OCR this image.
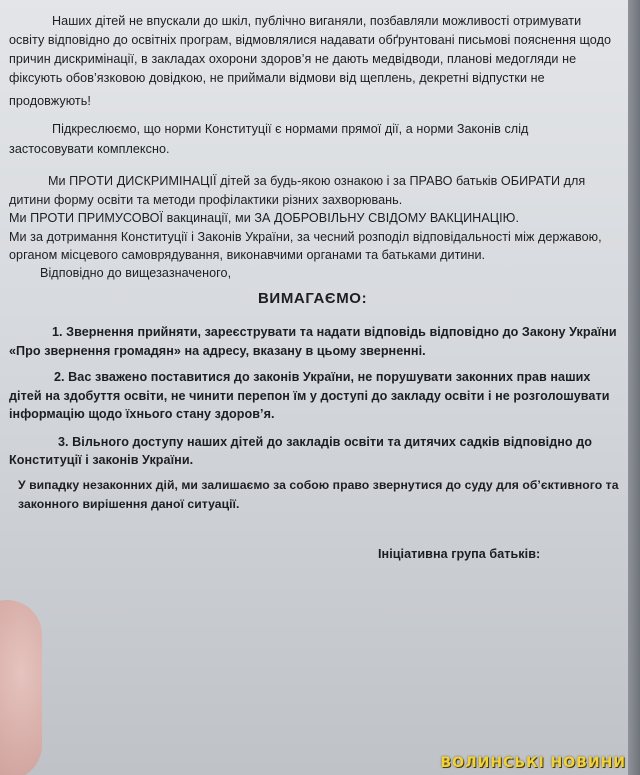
Наших дітей не впускали до шкіл, публічно виганяли, позбавляли можливості отримувати
освіту відповідно до освітніх програм, відмовлялися надавати обґрунтовані письмові пояснення щодо
причин дискримінації, в закладах охорони здоров’я не дають медвідводи, планові медогляди не
фіксують обов’язковою довідкою, не приймали відмови від щеплень, декретні відпустки не
продовжують!
Підкреслюємо, що норми Конституції є нормами прямої дії, а норми Законів слід
застосовувати комплексно.
Ми ПРОТИ ДИСКРИМІНАЦІЇ дітей за будь-якою ознакою і за ПРАВО батьків ОБИРАТИ для
дитини форму освіти та методи профілактики різних захворювань.
Ми ПРОТИ ПРИМУСОВОЇ вакцинації, ми ЗА ДОБРОВІЛЬНУ СВІДОМУ ВАКЦИНАЦІЮ.
Ми за дотримання Конституції і Законів України, за чесний розподіл відповідальності між державою,
органом місцевого самоврядування, виконавчими органами та батьками дитини.
Відповідно до вищезазначеного,
ВИМАГАЄМО:
1. Звернення прийняти, зареєструвати та надати відповідь відповідно до Закону України
«Про звернення громадян» на адресу, вказану в цьому зверненні.
2. Вас зважено поставитися до законів України, не порушувати законних прав наших
дітей на здобуття освіти, не чинити перепон їм у доступі до закладу освіти і не розголошувати
інформацію щодо їхнього стану здоров’я.
3. Вільного доступу наших дітей до закладів освіти та дитячих садків відповідно до
Конституції і законів України.
У випадку незаконних дій, ми залишаємо за собою право звернутися до суду для об’єктивного та
законного вирішення даної ситуації.
Ініціативна група батьків:
ВОЛИНСЬКІ НОВИНИ
